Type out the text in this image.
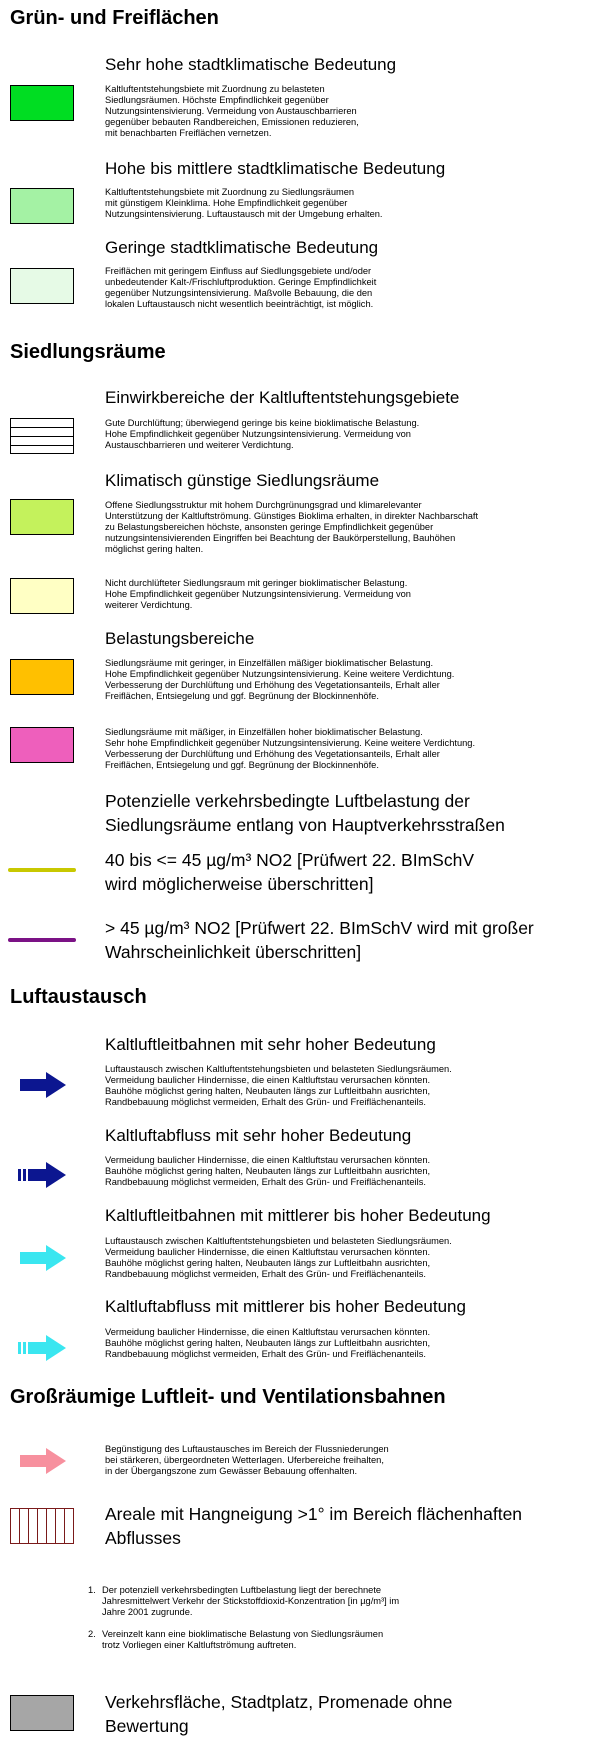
Grün- und Freiflächen
Sehr hohe stadtklimatische Bedeutung
Kaltluftentstehungsbiete mit Zuordnung zu belasteten
Siedlungsräumen. Höchste Empfindlichkeit gegenüber
Nutzungsintensivierung. Vermeidung von Austauschbarrieren
gegenüber bebauten Randbereichen, Emissionen reduzieren,
mit benachbarten Freiflächen vernetzen.
Hohe bis mittlere stadtklimatische Bedeutung
Kaltluftentstehungsbiete mit Zuordnung zu Siedlungsräumen
mit günstigem Kleinklima. Hohe Empfindlichkeit gegenüber
Nutzungsintensivierung. Luftaustausch mit der Umgebung erhalten.
Geringe stadtklimatische Bedeutung
Freiflächen mit geringem Einfluss auf Siedlungsgebiete und/oder
unbedeutender Kalt-/Frischluftproduktion. Geringe Empfindlichkeit
gegenüber Nutzungsintensivierung. Maßvolle Bebauung, die den
lokalen Luftaustausch nicht wesentlich beeinträchtigt, ist möglich.
Siedlungsräume
Einwirkbereiche der Kaltluftentstehungsgebiete
Gute Durchlüftung; überwiegend geringe bis keine bioklimatische Belastung.
Hohe Empfindlichkeit gegenüber Nutzungsintensivierung. Vermeidung von
Austauschbarrieren und weiterer Verdichtung.
Klimatisch günstige Siedlungsräume
Offene Siedlungsstruktur mit hohem Durchgrünungsgrad und klimarelevanter
Unterstützung der Kaltluftströmung. Günstiges Bioklima erhalten, in direkter Nachbarschaft
zu Belastungsbereichen höchste, ansonsten geringe Empfindlichkeit gegenüber
nutzungsintensivierenden Eingriffen bei Beachtung der Baukörperstellung, Bauhöhen
möglichst gering halten.
Nicht durchlüfteter Siedlungsraum mit geringer bioklimatischer Belastung.
Hohe Empfindlichkeit gegenüber Nutzungsintensivierung. Vermeidung von
weiterer Verdichtung.
Belastungsbereiche
Siedlungsräume mit geringer, in Einzelfällen mäßiger bioklimatischer Belastung.
Hohe Empfindlichkeit gegenüber Nutzungsintensivierung. Keine weitere Verdichtung.
Verbesserung der Durchlüftung und Erhöhung des Vegetationsanteils, Erhalt aller
Freiflächen, Entsiegelung und ggf. Begrünung der Blockinnenhöfe.
Siedlungsräume mit mäßiger, in Einzelfällen hoher bioklimatischer Belastung.
Sehr hohe Empfindlichkeit gegenüber Nutzungsintensivierung. Keine weitere Verdichtung.
Verbesserung der Durchlüftung und Erhöhung des Vegetationsanteils, Erhalt aller
Freiflächen, Entsiegelung und ggf. Begrünung der Blockinnenhöfe.
Potenzielle verkehrsbedingte Luftbelastung der
Siedlungsräume entlang von Hauptverkehrsstraßen
40 bis <= 45 µg/m³ NO2 [Prüfwert 22. BImSchV
wird möglicherweise überschritten]
> 45 µg/m³ NO2 [Prüfwert 22. BImSchV wird mit großer
Wahrscheinlichkeit überschritten]
Luftaustausch
Kaltluftleitbahnen mit sehr hoher Bedeutung
Luftaustausch zwischen Kaltluftentstehungsbieten und belasteten Siedlungsräumen.
Vermeidung baulicher Hindernisse, die einen Kaltluftstau verursachen könnten.
Bauhöhe möglichst gering halten, Neubauten längs zur Luftleitbahn ausrichten,
Randbebauung möglichst vermeiden, Erhalt des Grün- und Freiflächenanteils.
Kaltluftabfluss mit sehr hoher Bedeutung
Vermeidung baulicher Hindernisse, die einen Kaltluftstau verursachen könnten.
Bauhöhe möglichst gering halten, Neubauten längs zur Luftleitbahn ausrichten,
Randbebauung möglichst vermeiden, Erhalt des Grün- und Freiflächenanteils.
Kaltluftleitbahnen mit mittlerer bis hoher Bedeutung
Luftaustausch zwischen Kaltluftentstehungsbieten und belasteten Siedlungsräumen.
Vermeidung baulicher Hindernisse, die einen Kaltluftstau verursachen könnten.
Bauhöhe möglichst gering halten, Neubauten längs zur Luftleitbahn ausrichten,
Randbebauung möglichst vermeiden, Erhalt des Grün- und Freiflächenanteils.
Kaltluftabfluss mit mittlerer bis hoher Bedeutung
Vermeidung baulicher Hindernisse, die einen Kaltluftstau verursachen könnten.
Bauhöhe möglichst gering halten, Neubauten längs zur Luftleitbahn ausrichten,
Randbebauung möglichst vermeiden, Erhalt des Grün- und Freiflächenanteils.
Großräumige Luftleit- und Ventilationsbahnen
Begünstigung des Luftaustausches im Bereich der Flussniederungen
bei stärkeren, übergeordneten Wetterlagen. Uferbereiche freihalten,
in der Übergangszone zum Gewässer Bebauung offenhalten.
Areale mit Hangneigung >1° im Bereich flächenhaften
Abflusses
1. Der potenziell verkehrsbedingten Luftbelastung liegt der berechnete
Jahresmittelwert Verkehr der Stickstoffdioxid-Konzentration [in µg/m³] im
Jahre 2001 zugrunde.
2. Vereinzelt kann eine bioklimatische Belastung von Siedlungsräumen
trotz Vorliegen einer Kaltluftströmung auftreten.
Verkehrsfläche, Stadtplatz, Promenade ohne
Bewertung
